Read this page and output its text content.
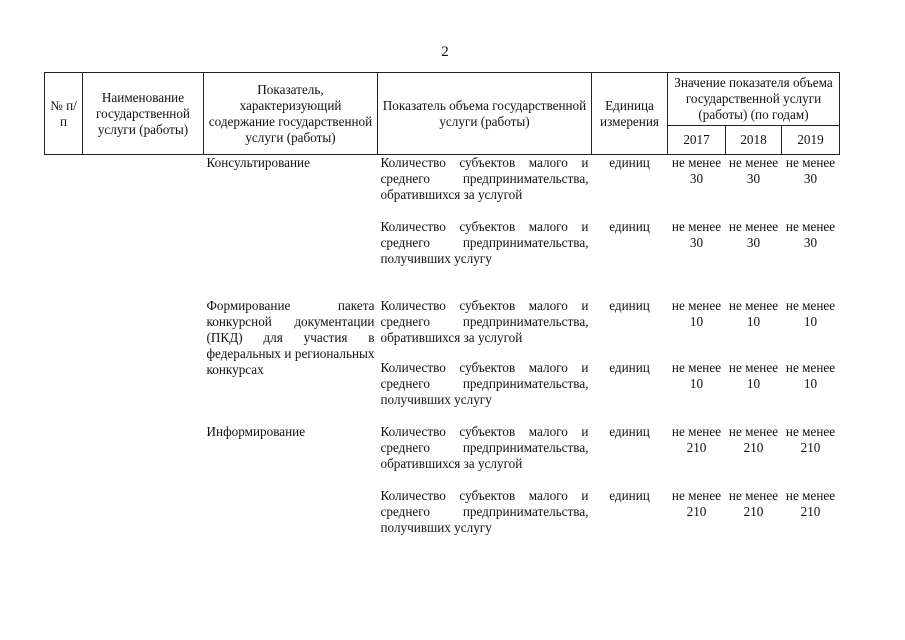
2
№ п/п	Наименование государственной услуги (работы)	Показатель, характеризующий содержание государственной услуги (работы)	Показатель объема государственной услуги (работы)	Единица измерения	Значение показателя объема государственной услуги (работы) (по годам)		
					2017	2018	2019
		Консультирование	Количество субъектов малого и среднего предпринимательства, обратившихся за услугой	единиц	не менее 30	не менее 30	не менее 30
			Количество субъектов малого и среднего предпринимательства, получивших услугу	единиц	не менее 30	не менее 30	не менее 30
		Формирование пакета конкурсной документации (ПКД) для участия в федеральных и региональных конкурсах	Количество субъектов малого и среднего предпринимательства, обратившихся за услугой	единиц	не менее 10	не менее 10	не менее 10
			Количество субъектов малого и среднего предпринимательства, получивших услугу	единиц	не менее 10	не менее 10	не менее 10
		Информирование	Количество субъектов малого и среднего предпринимательства, обратившихся за услугой	единиц	не менее 210	не менее 210	не менее 210
			Количество субъектов малого и среднего предпринимательства, получивших услугу	единиц	не менее 210	не менее 210	не менее 210
